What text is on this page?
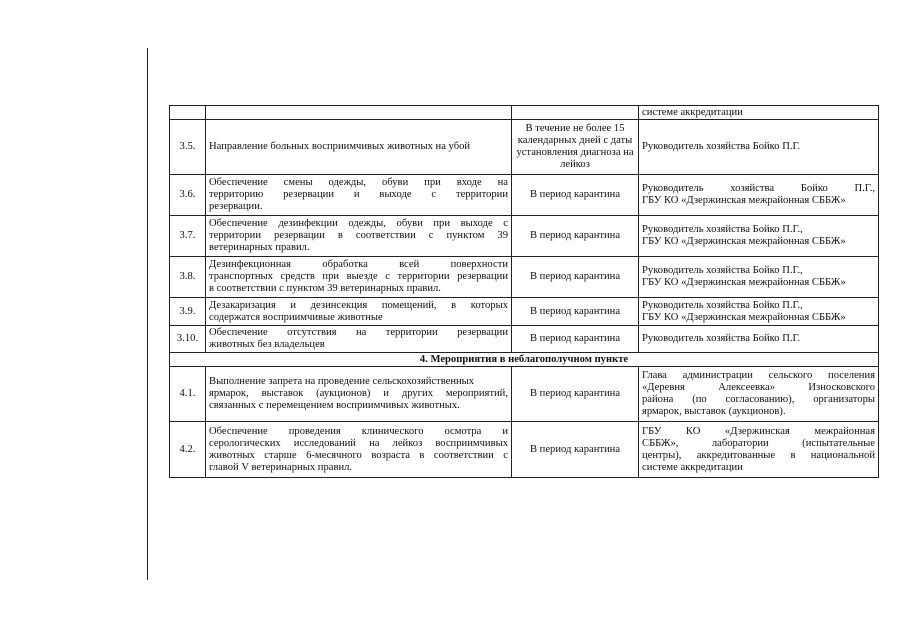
			системе аккредитации
3.5.	Направление больных восприимчивых животных на убой	В течение не более 15 календарных дней с даты установления диагноза на лейкоз	Руководитель хозяйства Бойко П.Г.
3.6.	Обеспечение смены одежды, обуви при входе на
территорию резервации и выходе с территории
резервации.	В период карантина	Руководитель хозяйства Бойко П.Г.,
ГБУ КО «Дзержинская межрайонная СББЖ»

3.7.	Обеспечение дезинфекции одежды, обуви при выходе с
территории резервации в соответствии с пунктом 39
ветеринарных правил.	В период карантина	Руководитель хозяйства Бойко П.Г.,
ГБУ КО «Дзержинская межрайонная СББЖ»

3.8.	Дезинфекционная обработка всей поверхности
транспортных средств при выезде с территории резервации
в соответствии с пунктом 39 ветеринарных правил.	В период карантина	Руководитель хозяйства Бойко П.Г.,
ГБУ КО «Дзержинская межрайонная СББЖ»

3.9.	Дезакаризация и дезинсекция помещений, в которых
содержатся восприимчивые животные	В период карантина	Руководитель хозяйства Бойко П.Г.,
ГБУ КО «Дзержинская межрайонная СББЖ»

3.10.	Обеспечение отсутствия на территории резервации
животных без владельцев	В период карантина	Руководитель хозяйства Бойко П.Г.
4. Мероприятия в неблагополучном пункте			
4.1.	Выполнение запрета на проведение сельскохозяйственных
ярмарок, выставок (аукционов) и других мероприятий,
связанных с перемещением восприимчивых животных.	В период карантина	Глава администрации сельского поселения
«Деревня Алексеевка» Износковского
района (по согласованию), организаторы
ярмарок, выставок (аукционов).

4.2.	Обеспечение проведения клинического осмотра и
серологических исследований на лейкоз восприимчивых
животных старше 6-месячного возраста в соответствии с
главой V ветеринарных правил.	В период карантина	ГБУ КО «Дзержинская межрайонная
СББЖ», лаборатории (испытательные
центры), аккредитованные в национальной
системе аккредитации
